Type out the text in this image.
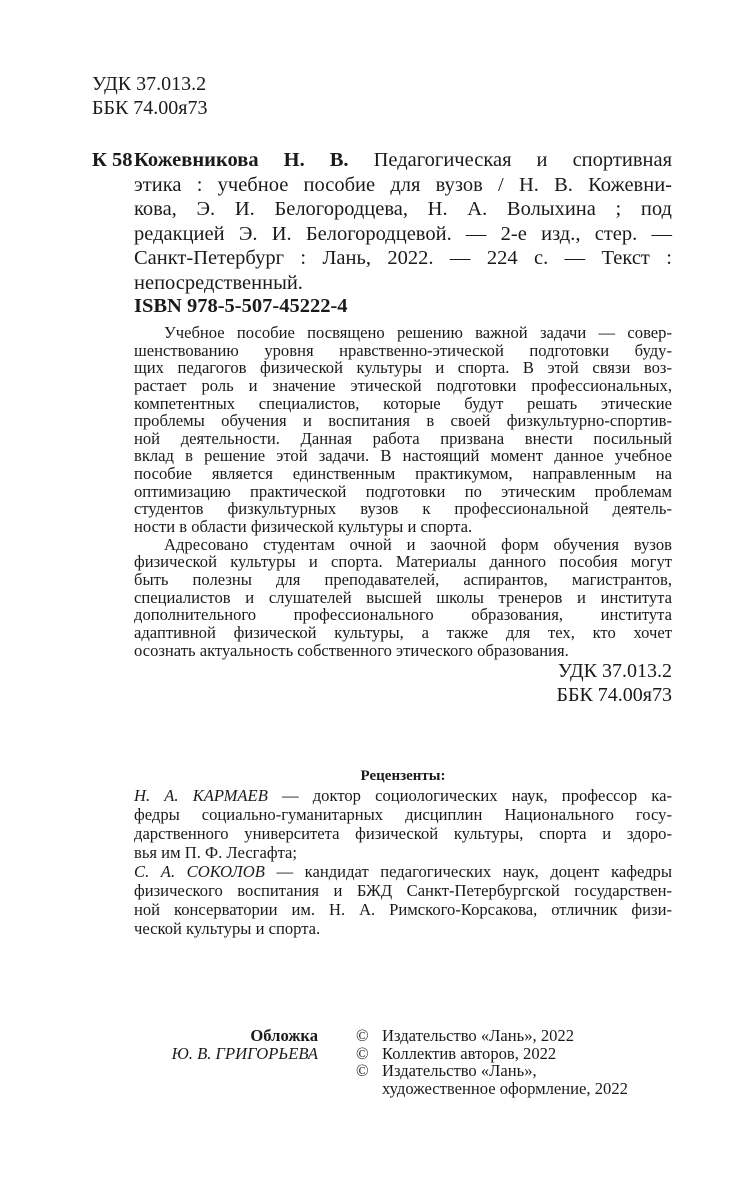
УДК 37.013.2
ББК 74.00я73
К 58 Кожевникова Н. В. Педагогическая и спортивная
этика : учебное пособие для вузов / Н. В. Кожевни-
кова, Э. И. Белогородцева, Н. А. Волыхина ; под
редакцией Э. И. Белогородцевой. — 2-е изд., стер. —
Санкт-Петербург : Лань, 2022. — 224 с. — Текст :
непосредственный.
ISBN 978-5-507-45222-4
Учебное пособие посвящено решению важной задачи — совер-
шенствованию уровня нравственно-этической подготовки буду-
щих педагогов физической культуры и спорта. В этой связи воз-
растает роль и значение этической подготовки профессиональных,
компетентных специалистов, которые будут решать этические
проблемы обучения и воспитания в своей физкультурно-спортив-
ной деятельности. Данная работа призвана внести посильный
вклад в решение этой задачи. В настоящий момент данное учебное
пособие является единственным практикумом, направленным на
оптимизацию практической подготовки по этическим проблемам
студентов физкультурных вузов к профессиональной деятель-
ности в области физической культуры и спорта.
Адресовано студентам очной и заочной форм обучения вузов
физической культуры и спорта. Материалы данного пособия могут
быть полезны для преподавателей, аспирантов, магистрантов,
специалистов и слушателей высшей школы тренеров и института
дополнительного профессионального образования, института
адаптивной физической культуры, а также для тех, кто хочет
осознать актуальность собственного этического образования.
УДК 37.013.2
ББК 74.00я73
Рецензенты:
Н. А. КАРМАЕВ — доктор социологических наук, профессор ка-
федры социально-гуманитарных дисциплин Национального госу-
дарственного университета физической культуры, спорта и здоро-
вья им П. Ф. Лесгафта;
С. А. СОКОЛОВ — кандидат педагогических наук, доцент кафедры
физического воспитания и БЖД Санкт-Петербургской государствен-
ной консерватории им. Н. А. Римского-Корсакова, отличник физи-
ческой культуры и спорта.
Обложка
Ю. В. ГРИГОРЬЕВА
© Издательство «Лань», 2022
© Коллектив авторов, 2022
© Издательство «Лань»,
художественное оформление, 2022
